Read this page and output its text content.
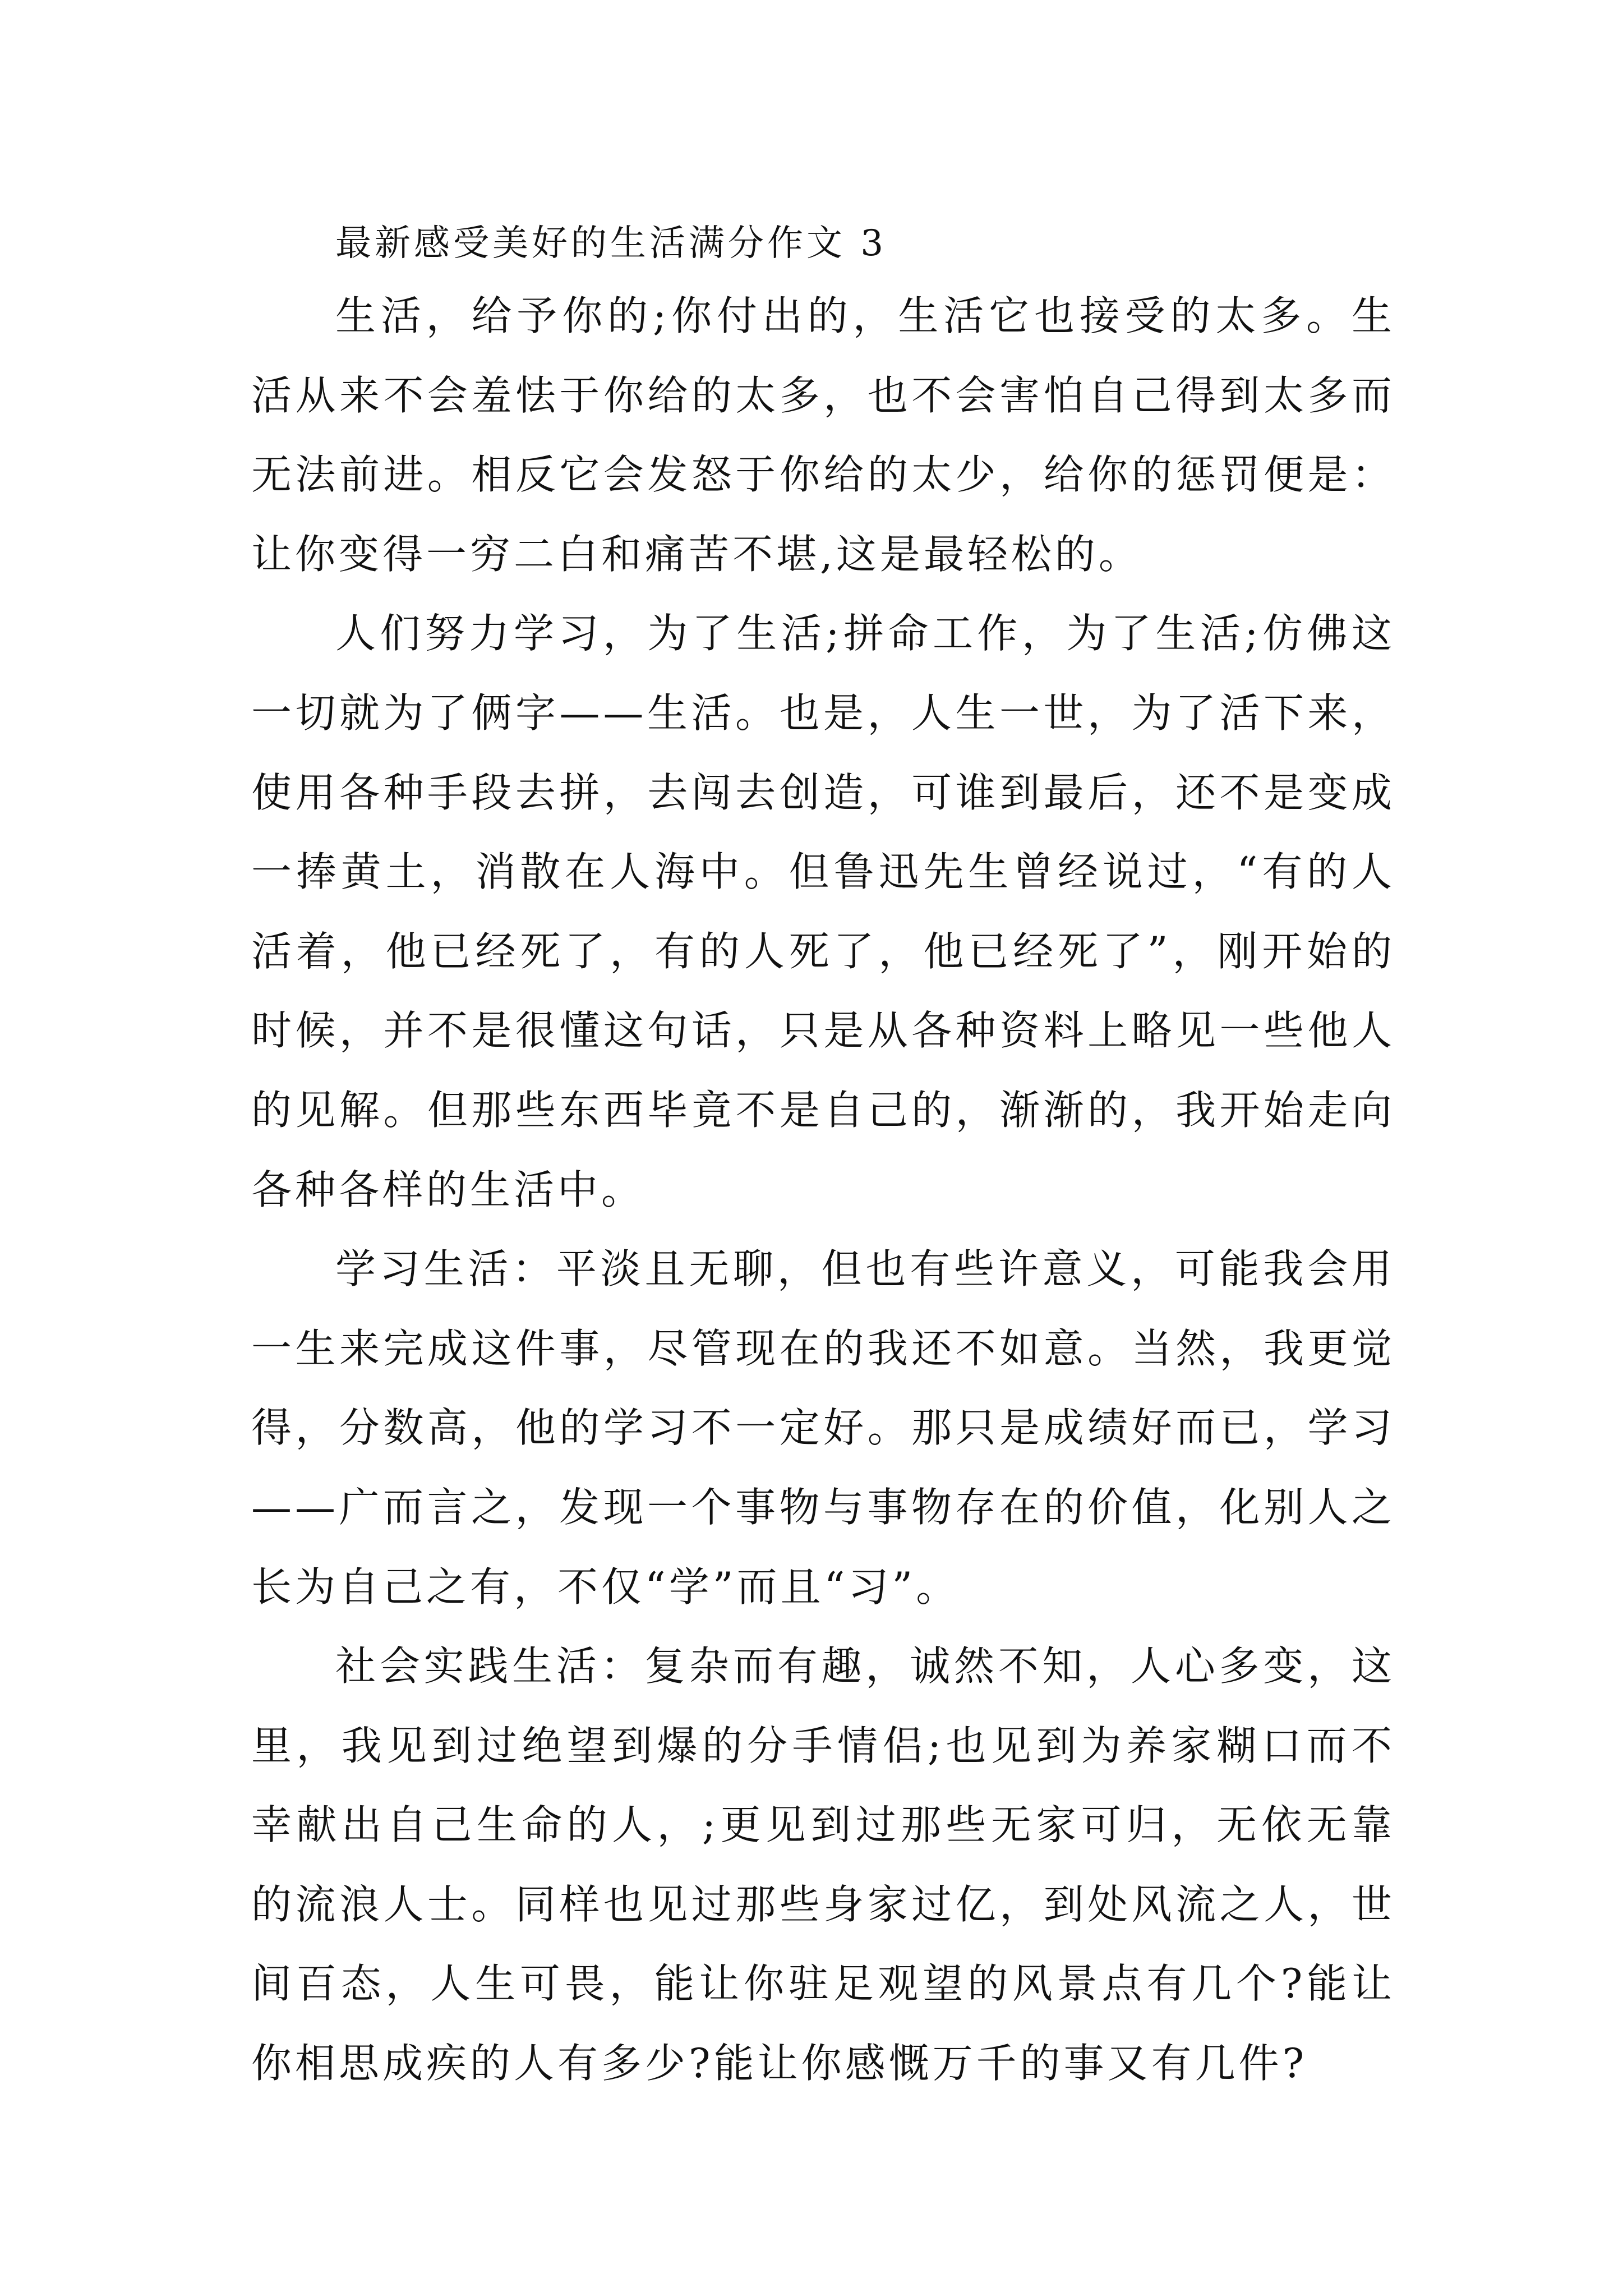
最新感受美好的生活满分作文 3

生活，给予你的;你付出的，生活它也接受的太多。生活从来不会羞怯于你给的太多，也不会害怕自己得到太多而无法前进。相反它会发怒于你给的太少，给你的惩罚便是：让你变得一穷二白和痛苦不堪,这是最轻松的。

人们努力学习，为了生活;拼命工作，为了生活;仿佛这一切就为了俩字——生活。也是，人生一世，为了活下来，使用各种手段去拼，去闯去创造，可谁到最后，还不是变成一捧黄土，消散在人海中。但鲁迅先生曾经说过，“有的人活着，他已经死了，有的人死了，他已经死了”，刚开始的时候，并不是很懂这句话，只是从各种资料上略见一些他人的见解。但那些东西毕竟不是自己的，渐渐的，我开始走向各种各样的生活中。

学习生活：平淡且无聊，但也有些许意义，可能我会用一生来完成这件事，尽管现在的我还不如意。当然，我更觉得，分数高，他的学习不一定好。那只是成绩好而已，学习——广而言之，发现一个事物与事物存在的价值，化别人之长为自己之有，不仅“学”而且“习”。

社会实践生活：复杂而有趣，诚然不知，人心多变，这里，我见到过绝望到爆的分手情侣;也见到为养家糊口而不幸献出自己生命的人，;更见到过那些无家可归，无依无靠的流浪人士。同样也见过那些身家过亿，到处风流之人，世间百态，人生可畏，能让你驻足观望的风景点有几个?能让你相思成疾的人有多少?能让你感慨万千的事又有几件?
